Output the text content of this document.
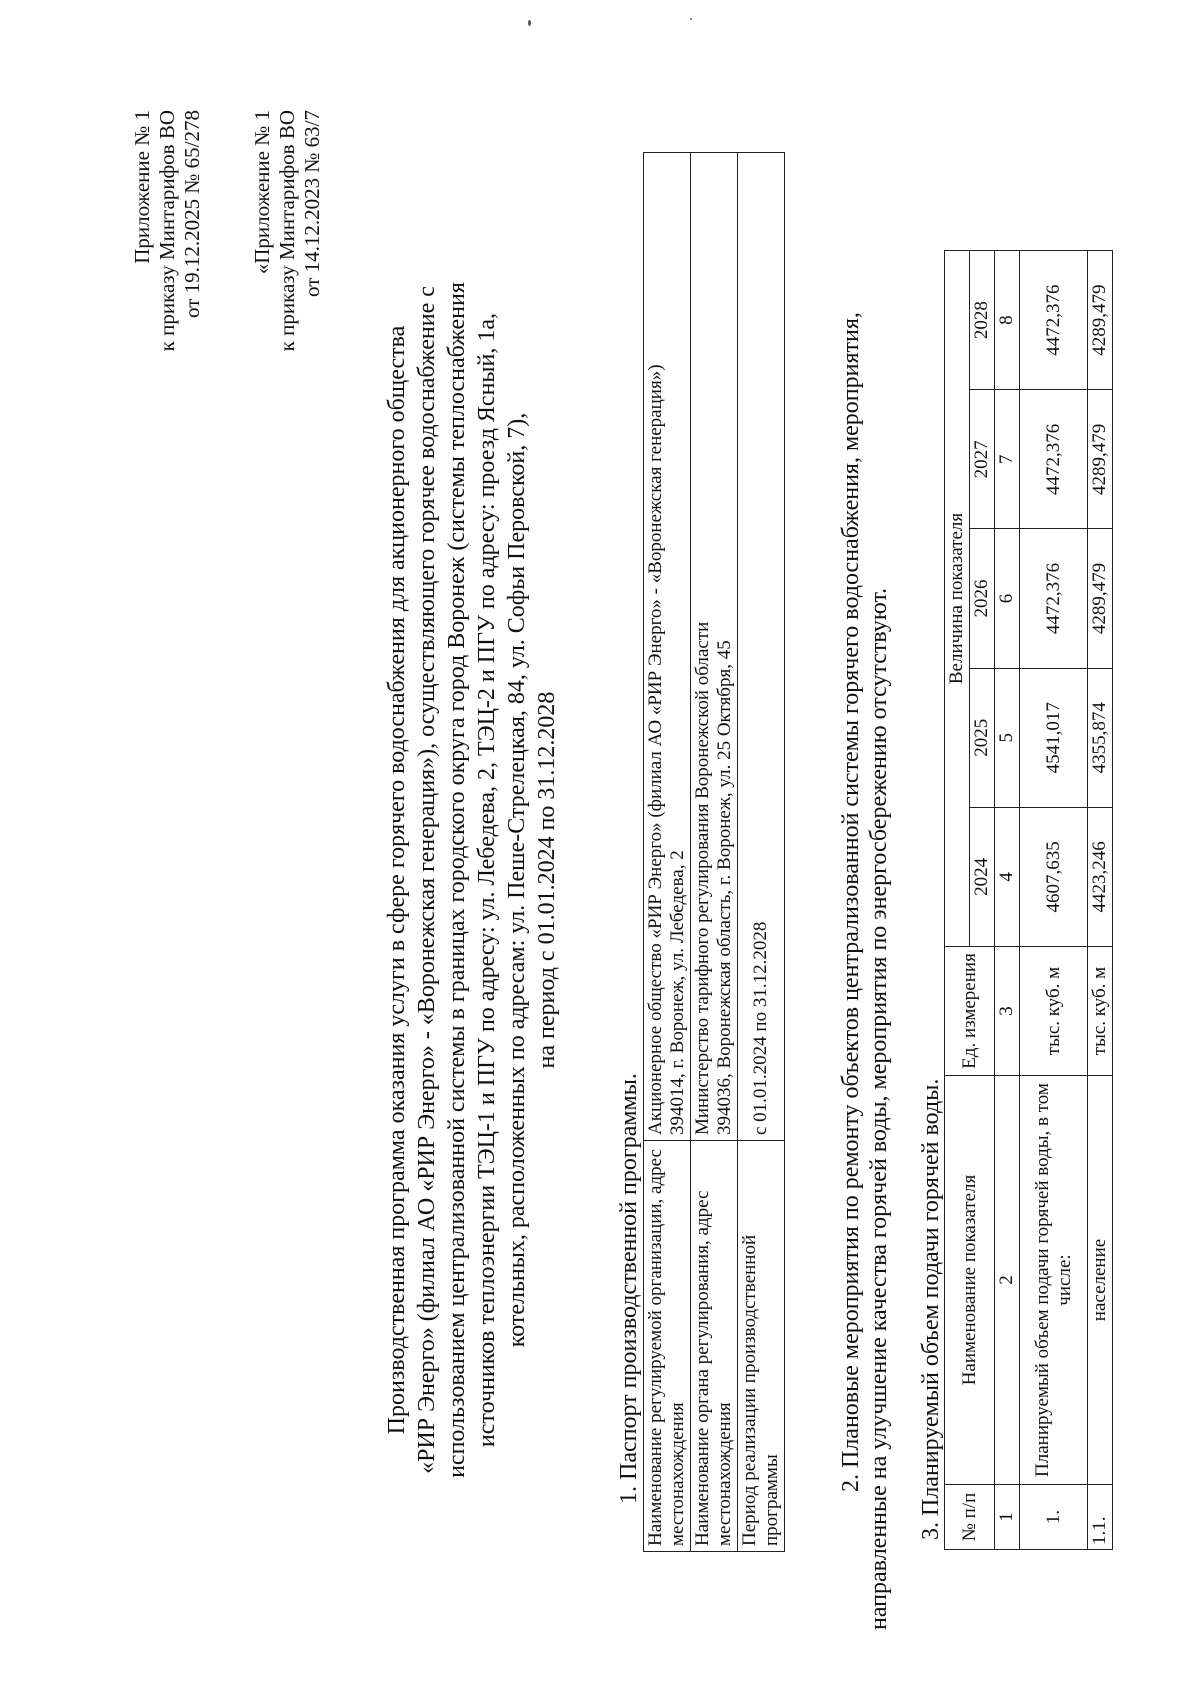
Приложение № 1 к приказу Минтарифов ВО от 19.12.2025 № 65/278 «Приложение № 1 к приказу Минтарифов ВО от 14.12.2023 № 63/7

Производственная программа оказания услуги в сфере горячего водоснабжения для акционерного общества «РИР Энерго» (филиал АО «РИР Энерго» - «Воронежская генерация»), осуществляющего горячее водоснабжение с использованием централизованной системы в границах городского округа город Воронеж (системы теплоснабжения источников теплоэнергии ТЭЦ-1 и ПГУ по адресу: ул. Лебедева, 2, ТЭЦ-2 и ПГУ по адресу: проезд Ясный, 1а, котельных, расположенных по адресам: ул. Пеше-Стрелецкая, 84, ул. Софьи Перовской, 7), на период с 01.01.2024 по 31.12.2028

1. Паспорт производственной программы. Наименование регулируемой организации, адрес местонахождения	Акционерное общество «РИР Энерго» (филиал АО «РИР Энерго» - «Воронежская генерация») 394014, г. Воронеж, ул. Лебедева, 2

Наименование органа регулирования, адрес местонахождения	Министерство тарифного регулирования Воронежской области 394036, Воронежская область, г. Воронеж, ул. 25 Октября, 45

Период реализации производственной программы	с 01.01.2024 по 31.12.2028	2. Плановые мероприятия по ремонту объектов централизованной системы горячего водоснабжения, мероприятия, направленные на улучшение качества горячей воды, мероприятия по энергосбережению отсутствуют. 3. Планируемый объем подачи горячей воды. № п/п	Наименование показателя	Ед. измерения	Величина показателя				
			2024	2025	2026	2027	2028
1	2	3	4	5	6	7	8
1.	Планируемый объем подачи горячей воды, в том числе:	тыс. куб. м	4607,635	4541,017	4472,376	4472,376	4472,376
1.1.	население	тыс. куб. м	4423,246	4355,874	4289,479	4289,479	4289,479
